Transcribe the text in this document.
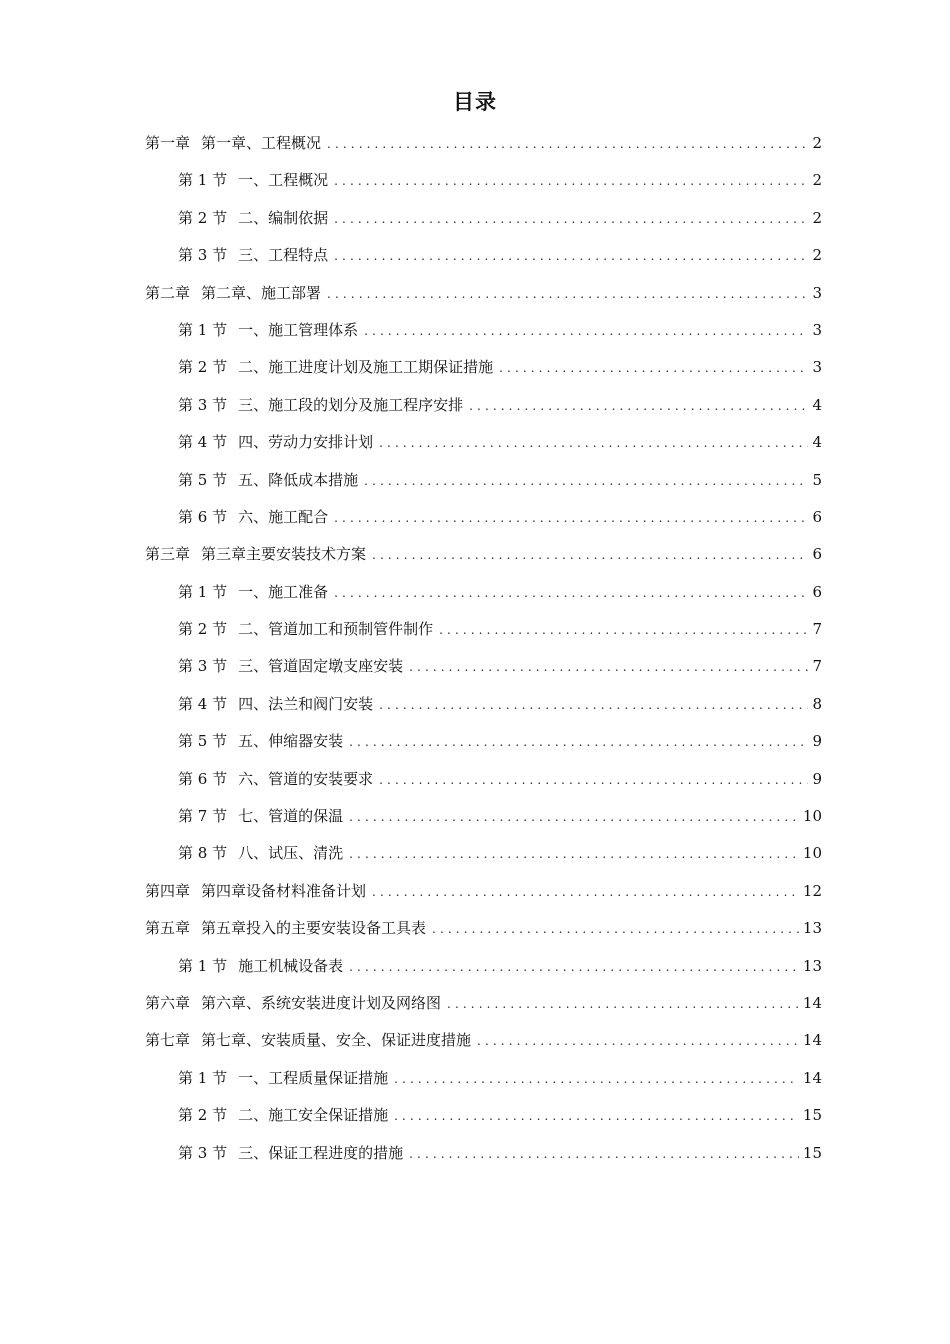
目录
第一章 第一章、工程概况 .....	2
第 1 节 一、工程概况 .....	2
第 2 节 二、编制依据 .....	2
第 3 节 三、工程特点 .....	2
第二章 第二章、施工部署 .....	3
第 1 节 一、施工管理体系 .....	3
第 2 节 二、施工进度计划及施工工期保证措施 .....	3
第 3 节 三、施工段的划分及施工程序安排 .....	4
第 4 节 四、劳动力安排计划 .....	4
第 5 节 五、降低成本措施 .....	5
第 6 节 六、施工配合 .....	6
第三章 第三章主要安装技术方案 .....	6
第 1 节 一、施工准备 .....	6
第 2 节 二、管道加工和预制管件制作 .....	7
第 3 节 三、管道固定墩支座安装 .....	7
第 4 节 四、法兰和阀门安装 .....	8
第 5 节 五、伸缩器安装 .....	9
第 6 节 六、管道的安装要求 .....	9
第 7 节 七、管道的保温 .....	10
第 8 节 八、试压、清洗 .....	10
第四章 第四章设备材料准备计划 .....	12
第五章 第五章投入的主要安装设备工具表 .....	13
第 1 节 施工机械设备表 .....	13
第六章 第六章、系统安装进度计划及网络图 .....	14
第七章 第七章、安装质量、安全、保证进度措施 .....	14
第 1 节 一、工程质量保证措施 .....	14
第 2 节 二、施工安全保证措施 .....	15
第 3 节 三、保证工程进度的措施 .....	15
